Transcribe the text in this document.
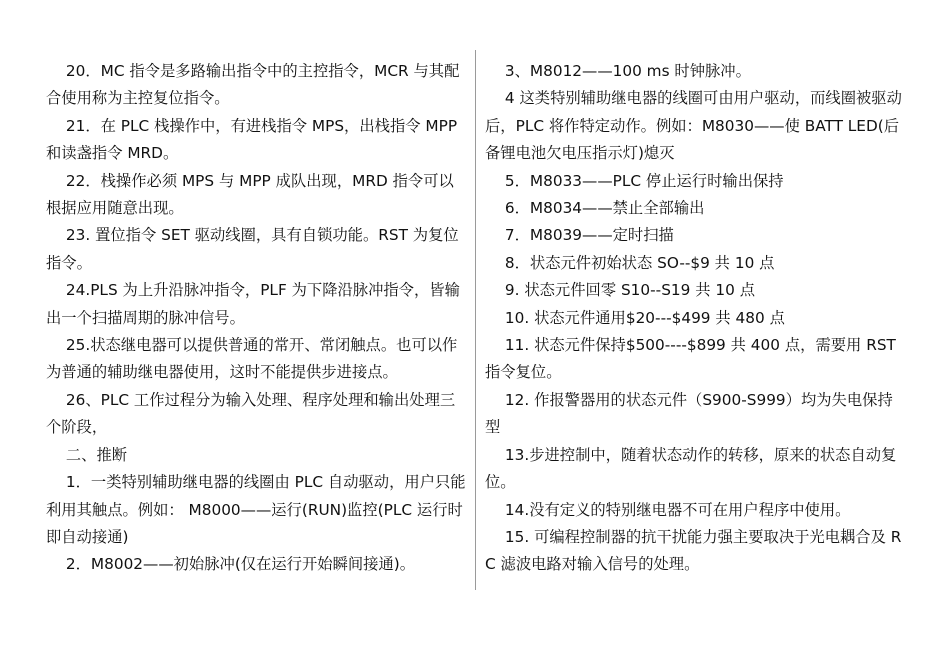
20．MC 指令是多路输出指令中的主控指令，MCR 与其配合使用称为主控复位指令。

21．在 PLC 栈操作中，有进栈指令 MPS，出栈指令 MPP 和读盏指令 MRD。

22．栈操作必须 MPS 与 MPP 成队出现，MRD 指令可以根据应用随意出现。

23. 置位指令 SET 驱动线圈，具有自锁功能。RST 为复位指令。

24.PLS 为上升沿脉冲指令，PLF 为下降沿脉冲指令，皆输出一个扫描周期的脉冲信号。

25.状态继电器可以提供普通的常开、常闭触点。也可以作为普通的辅助继电器使用，这时不能提供步进接点。

26、PLC 工作过程分为输入处理、程序处理和输出处理三个阶段，

二、推断

1．一类特别辅助继电器的线圈由 PLC 自动驱动，用户只能利用其触点。例如： M8000——运行(RUN)监控(PLC 运行时即自动接通)

2．M8002——初始脉冲(仅在运行开始瞬间接通)。

3、M8012——100 ms 时钟脉冲。

4 这类特别辅助继电器的线圈可由用户驱动，而线圈被驱动后，PLC 将作特定动作。例如：M8030——使 BATT LED(后备锂电池欠电压指示灯)熄灭

5．M8033——PLC 停止运行时输出保持

6．M8034——禁止全部输出

7．M8039——定时扫描

8．状态元件初始状态 SO--$9 共 10 点

9. 状态元件回零 S10--S19 共 10 点

10. 状态元件通用$20---$499 共 480 点

11. 状态元件保持$500----$899 共 400 点，需要用 RST 指令复位。

12. 作报警器用的状态元件（S900-S999）均为失电保持型

13.步进控制中，随着状态动作的转移，原来的状态自动复位。

14.没有定义的特别继电器不可在用户程序中使用。

15. 可编程控制器的抗干扰能力强主要取决于光电耦合及 RC 滤波电路对输入信号的处理。
